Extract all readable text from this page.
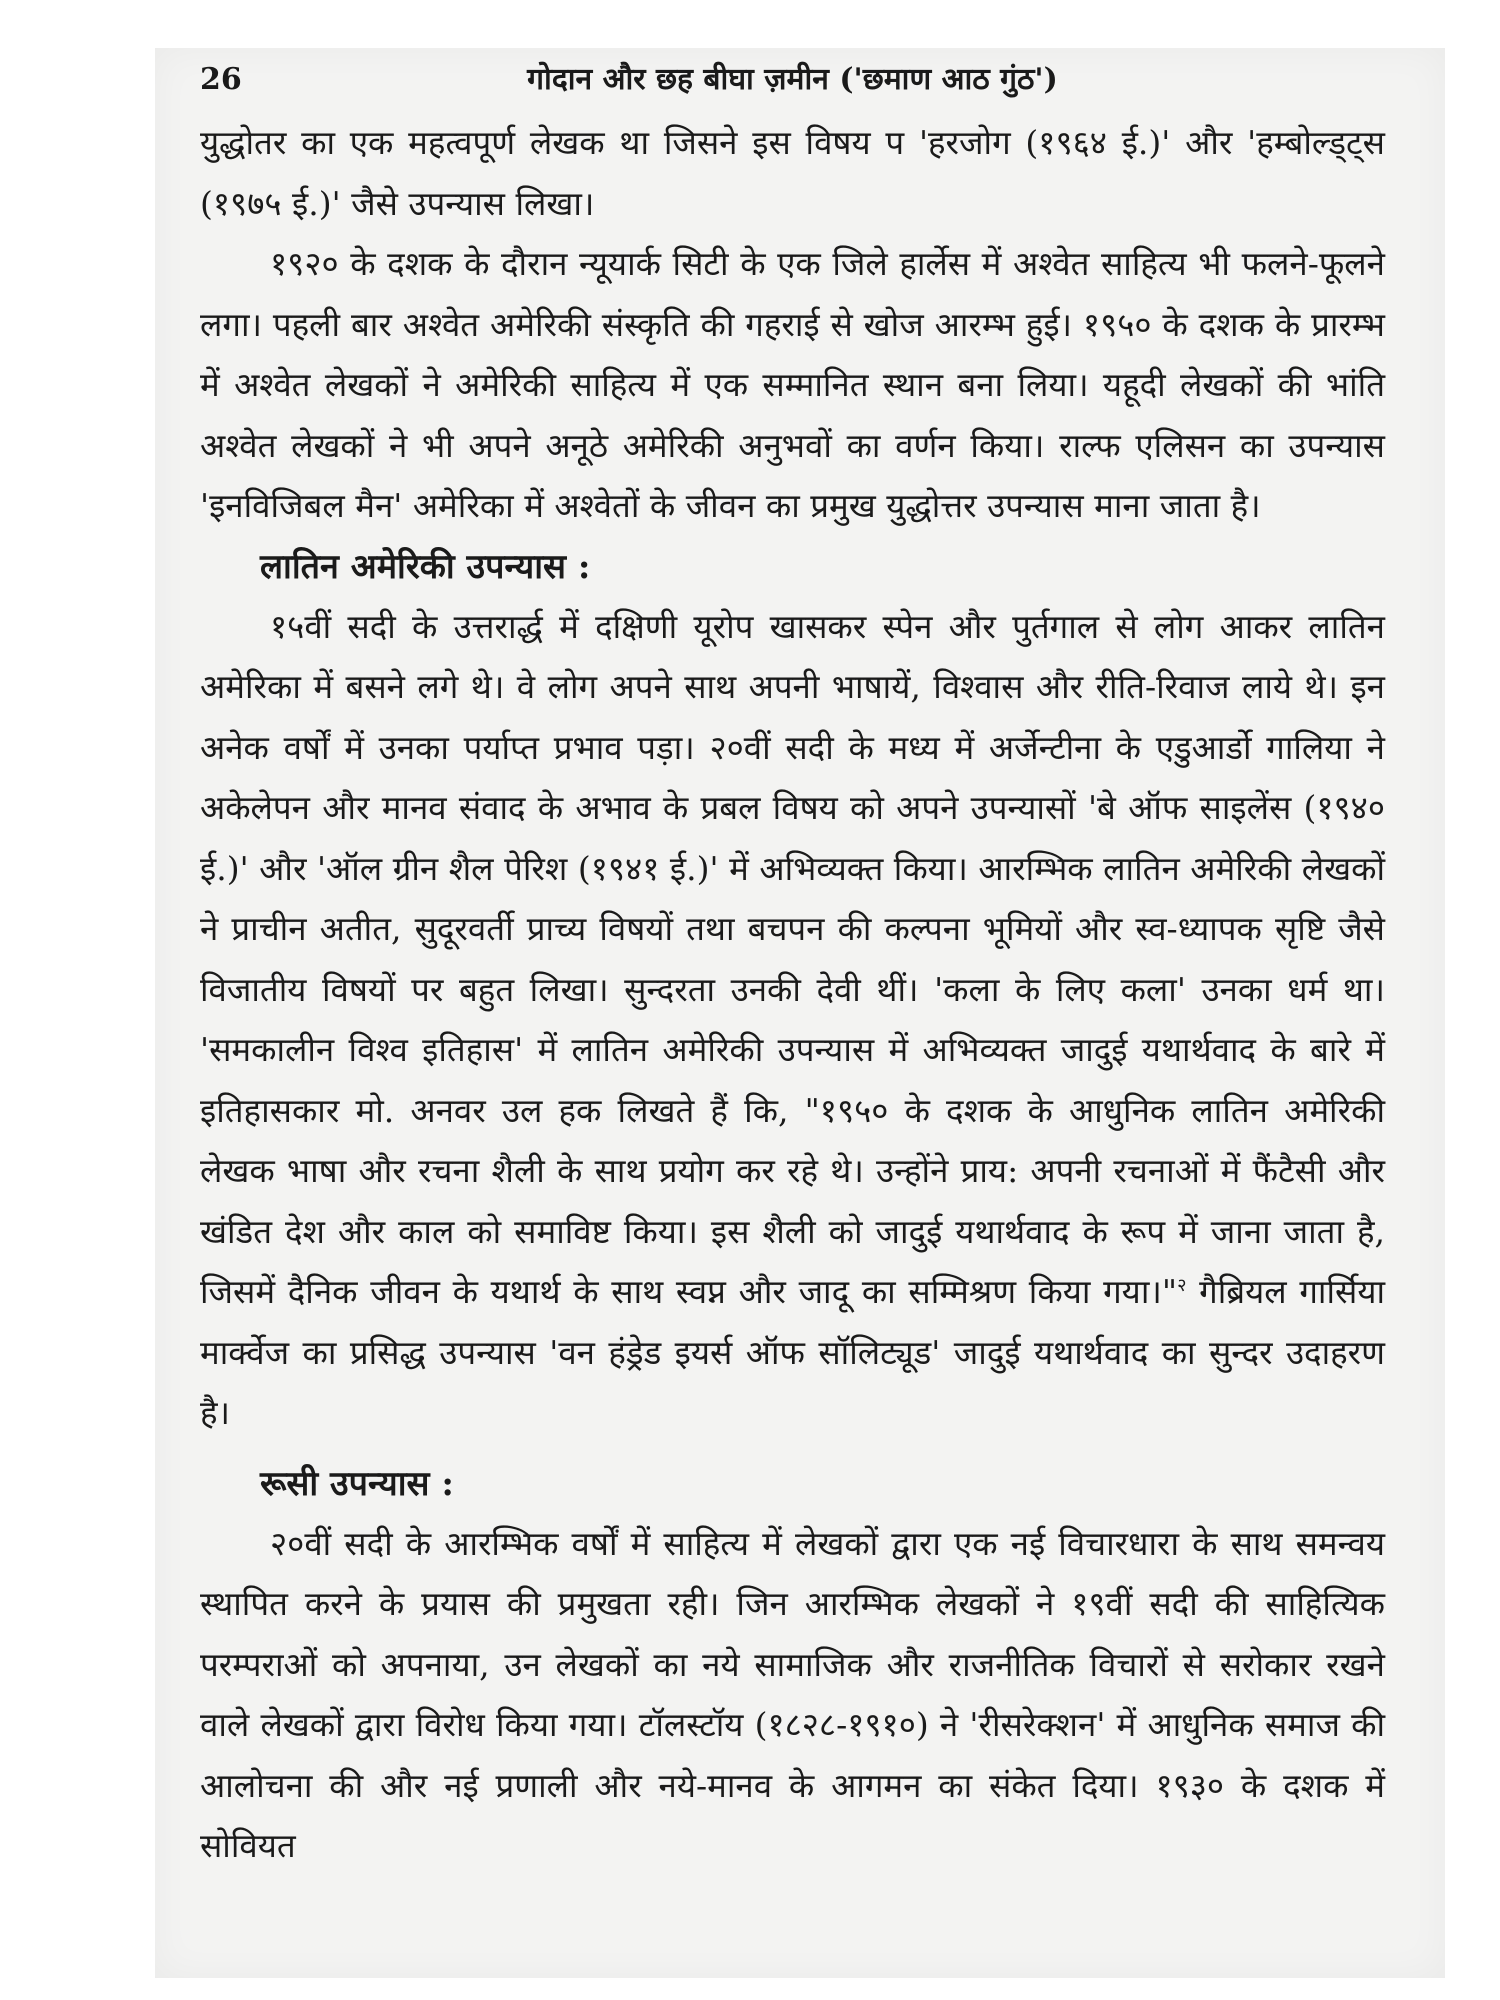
26	गोदान और छह बीघा ज़मीन ('छमाण आठ गुंठ')

युद्धोतर का एक महत्वपूर्ण लेखक था जिसने इस विषय प 'हरजोग (१९६४ ई.)' और 'हम्बोल्ड्ट्स (१९७५ ई.)' जैसे उपन्यास लिखा।

१९२० के दशक के दौरान न्यूयार्क सिटी के एक जिले हार्लेस में अश्वेत साहित्य भी फलने-फूलने लगा। पहली बार अश्वेत अमेरिकी संस्कृति की गहराई से खोज आरम्भ हुई। १९५० के दशक के प्रारम्भ में अश्वेत लेखकों ने अमेरिकी साहित्य में एक सम्मानित स्थान बना लिया। यहूदी लेखकों की भांति अश्वेत लेखकों ने भी अपने अनूठे अमेरिकी अनुभवों का वर्णन किया। राल्फ एलिसन का उपन्यास 'इनविजिबल मैन' अमेरिका में अश्वेतों के जीवन का प्रमुख युद्धोत्तर उपन्यास माना जाता है।

लातिन अमेरिकी उपन्यास :

१५वीं सदी के उत्तरार्द्ध में दक्षिणी यूरोप खासकर स्पेन और पुर्तगाल से लोग आकर लातिन अमेरिका में बसने लगे थे। वे लोग अपने साथ अपनी भाषायें, विश्वास और रीति-रिवाज लाये थे। इन अनेक वर्षों में उनका पर्याप्त प्रभाव पड़ा। २०वीं सदी के मध्य में अर्जेन्टीना के एडुआर्डो गालिया ने अकेलेपन और मानव संवाद के अभाव के प्रबल विषय को अपने उपन्यासों 'बे ऑफ साइलेंस (१९४० ई.)' और 'ऑल ग्रीन शैल पेरिश (१९४१ ई.)' में अभिव्यक्त किया। आरम्भिक लातिन अमेरिकी लेखकों ने प्राचीन अतीत, सुदूरवर्ती प्राच्य विषयों तथा बचपन की कल्पना भूमियों और स्व-ध्यापक सृष्टि जैसे विजातीय विषयों पर बहुत लिखा। सुन्दरता उनकी देवी थीं। 'कला के लिए कला' उनका धर्म था। 'समकालीन विश्व इतिहास' में लातिन अमेरिकी उपन्यास में अभिव्यक्त जादुई यथार्थवाद के बारे में इतिहासकार मो. अनवर उल हक लिखते हैं कि, "१९५० के दशक के आधुनिक लातिन अमेरिकी लेखक भाषा और रचना शैली के साथ प्रयोग कर रहे थे। उन्होंने प्राय: अपनी रचनाओं में फैंटैसी और खंडित देश और काल को समाविष्ट किया। इस शैली को जादुई यथार्थवाद के रूप में जाना जाता है, जिसमें दैनिक जीवन के यथार्थ के साथ स्वप्न और जादू का सम्मिश्रण किया गया।"$^२$ गैब्रियल गार्सिया मार्क्वेज का प्रसिद्ध उपन्यास 'वन हंड्रेड इयर्स ऑफ सॉलिट्यूड' जादुई यथार्थवाद का सुन्दर उदाहरण है।

रूसी उपन्यास :

२०वीं सदी के आरम्भिक वर्षों में साहित्य में लेखकों द्वारा एक नई विचारधारा के साथ समन्वय स्थापित करने के प्रयास की प्रमुखता रही। जिन आरम्भिक लेखकों ने १९वीं सदी की साहित्यिक परम्पराओं को अपनाया, उन लेखकों का नये सामाजिक और राजनीतिक विचारों से सरोकार रखने वाले लेखकों द्वारा विरोध किया गया। टॉलस्टॉय (१८२८-१९१०) ने 'रीसरेक्शन' में आधुनिक समाज की आलोचना की और नई प्रणाली और नये-मानव के आगमन का संकेत दिया। १९३० के दशक में सोवियत
